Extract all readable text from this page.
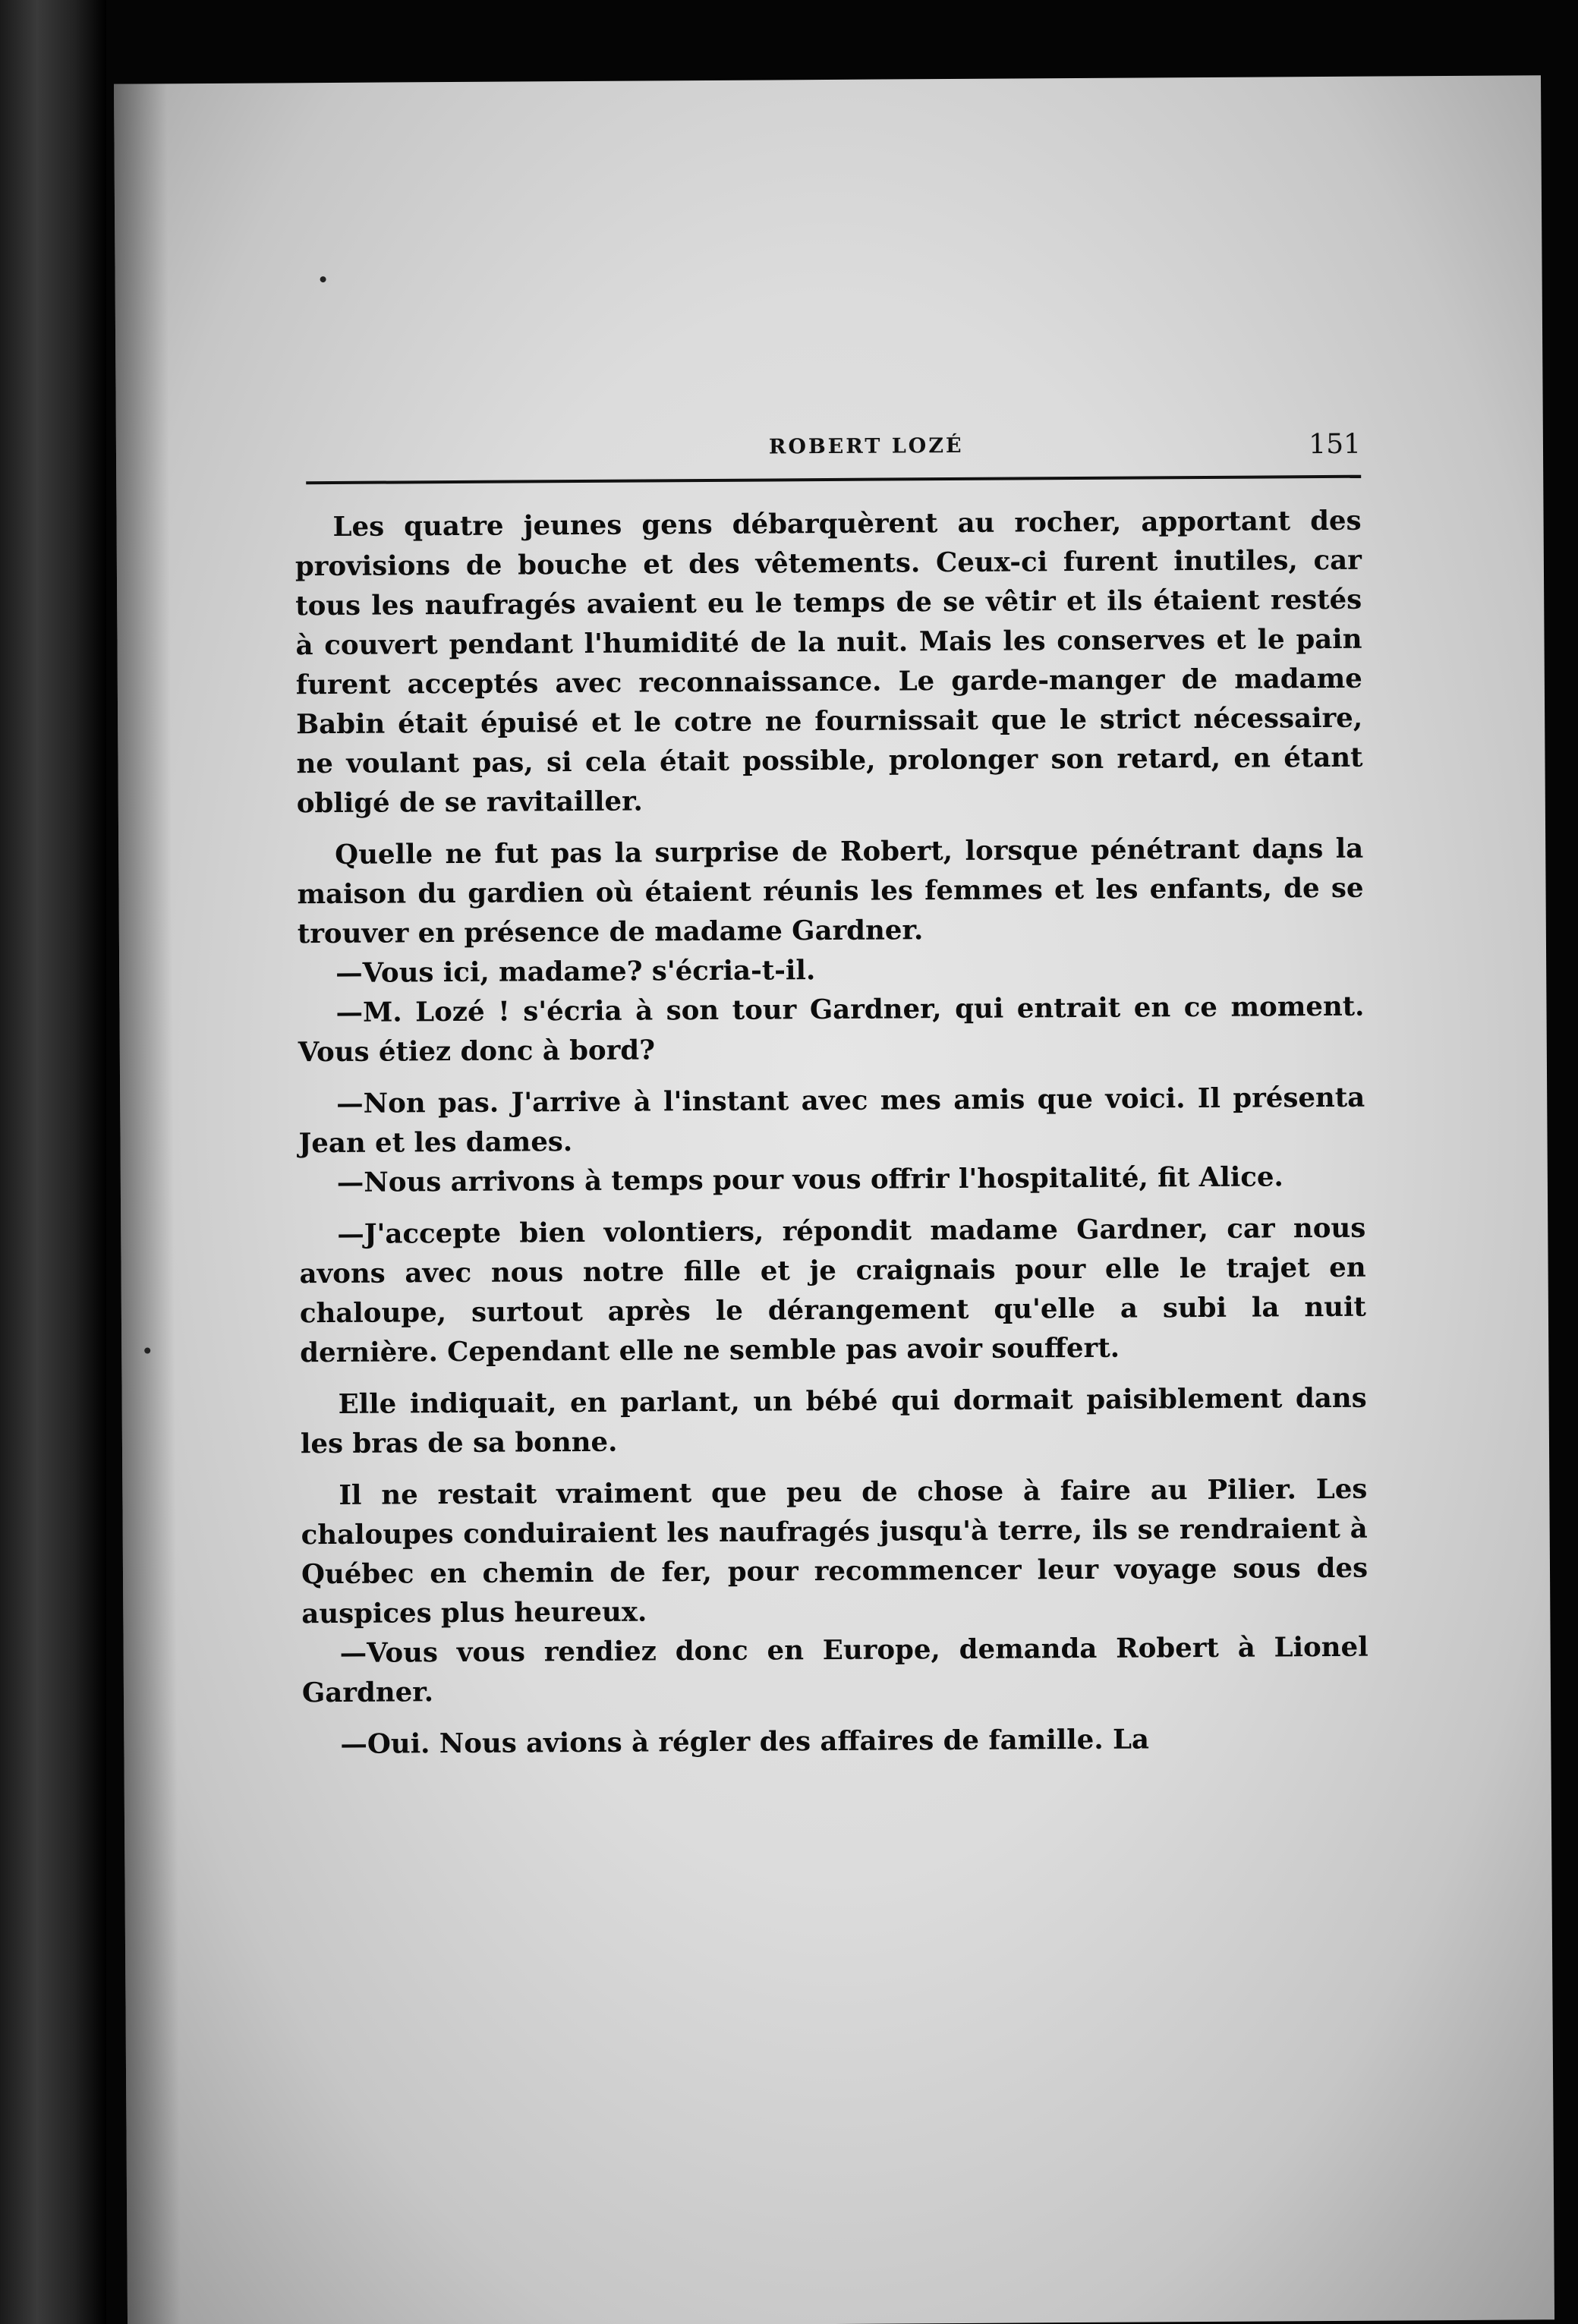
ROBERT LOZÉ	151

Les quatre jeunes gens débarquèrent au rocher, apportant des provisions de bouche et des vêtements. Ceux-ci furent inutiles, car tous les naufragés avaient eu le temps de se vêtir et ils étaient restés à couvert pendant l'humidité de la nuit. Mais les conserves et le pain furent acceptés avec reconnaissance. Le garde-manger de madame Babin était épuisé et le cotre ne fournissait que le strict nécessaire, ne voulant pas, si cela était possible, prolonger son retard, en étant obligé de se ravitailler.

Quelle ne fut pas la surprise de Robert, lorsque pénétrant dans la maison du gardien où étaient réunis les femmes et les enfants, de se trouver en présence de madame Gardner.

—Vous ici, madame? s'écria-t-il.

—M. Lozé ! s'écria à son tour Gardner, qui entrait en ce moment. Vous étiez donc à bord?

—Non pas. J'arrive à l'instant avec mes amis que voici. Il présenta Jean et les dames.

—Nous arrivons à temps pour vous offrir l'hospitalité, fit Alice.

—J'accepte bien volontiers, répondit madame Gardner, car nous avons avec nous notre fille et je craignais pour elle le trajet en chaloupe, surtout après le dérangement qu'elle a subi la nuit dernière. Cependant elle ne semble pas avoir souffert.

Elle indiquait, en parlant, un bébé qui dormait paisiblement dans les bras de sa bonne.

Il ne restait vraiment que peu de chose à faire au Pilier. Les chaloupes conduiraient les naufragés jusqu'à terre, ils se rendraient à Québec en chemin de fer, pour recommencer leur voyage sous des auspices plus heureux.

—Vous vous rendiez donc en Europe, demanda Robert à Lionel Gardner.

—Oui. Nous avions à régler des affaires de famille. La
